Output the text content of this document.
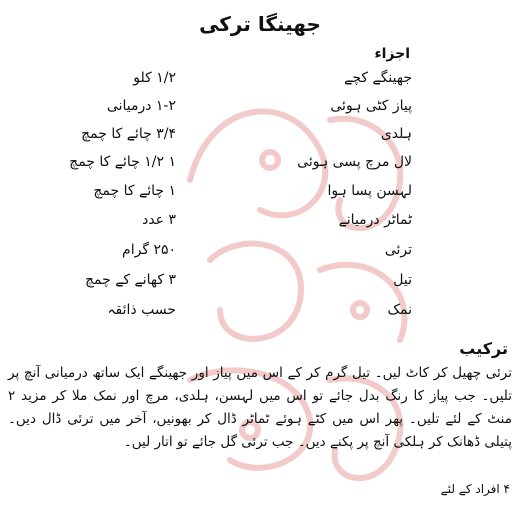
جھینگا ترکی
اجزاء
جھینگے کچے
۱/۲ کلو
پیاز کٹی ہوئی
۱-۲ درمیانی
ہلدی
۳/۴ چائے کا چمچ
لال مرچ پسی ہوئی
۱ ۱/۲ چائے کا چمچ
لہسن پسا ہوا
۱ چائے کا چمچ
ٹماٹر درمیانے
۳ عدد
ترئی
۲۵۰ گرام
تیل
۳ کھانے کے چمچ
نمک
حسب ذائقہ
ترکیب
ترئی چھیل کر کاٹ لیں۔ تیل گرم کر کے اس میں پیاز اور جھینگے ایک ساتھ درمیانی آنچ پر تلیں۔ جب پیاز کا رنگ بدل جائے تو اس میں لہسن، ہلدی، مرچ اور نمک ملا کر مزید ۲ منٹ کے لئے تلیں۔ پھر اس میں کٹے ہوئے ٹماٹر ڈال کر بھونیں، آخر میں ترئی ڈال دیں۔ پتیلی ڈھانک کر ہلکی آنچ پر پکنے دیں۔ جب ترئی گل جائے تو اتار لیں۔
۴ افراد کے لئے
